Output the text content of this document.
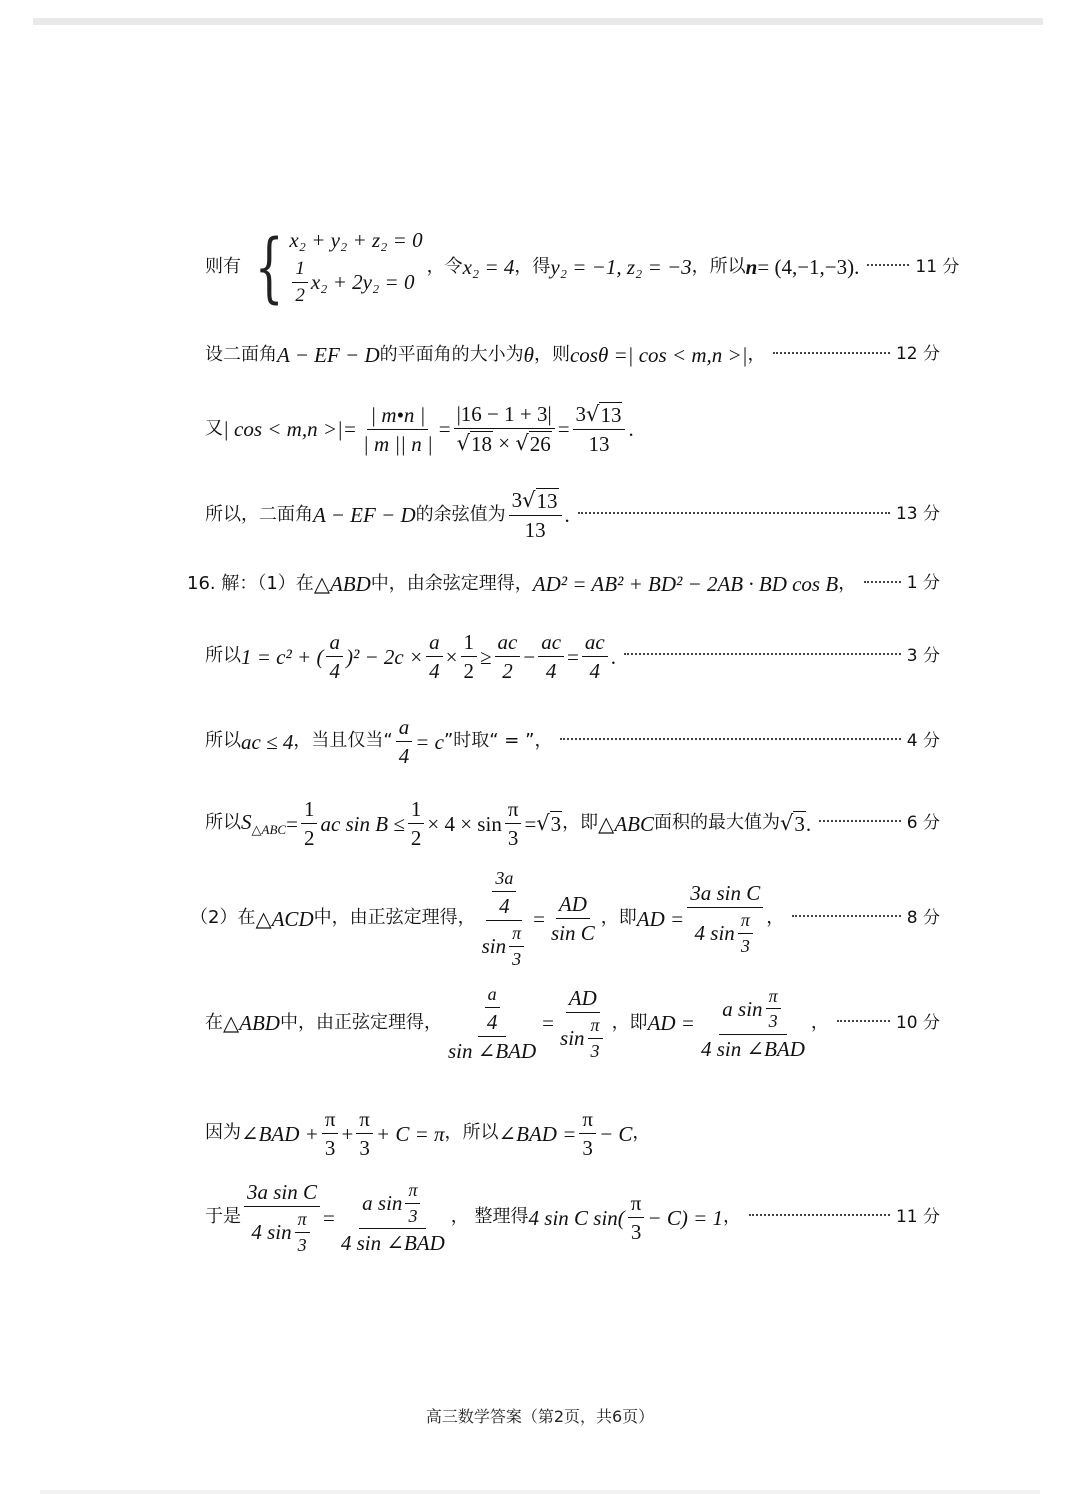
则有 { x₂ + y₂ + z₂ = 0
$\frac{1}{2} x_2 + 2y_2 = 0$
，令 x₂ = 4 ，得 y₂ = −1, z₂ = −3 ，所以 n = (4,−1,−3).	11 分
设二面角 A − EF − D 的平面角的大小为 θ ，则 cosθ =| cos < m,n >| ，	12 分
又 | cos < m,n >|= $\frac{| m•n |}{| m || n |} = \frac{|16 - 1 + 3|}{√ 18 \times √ 26} = \frac{3 √ 13}{13}$ .
所以，二面角 A − EF − D 的余弦值为 $\frac{3 √ 13}{13}$ .	13 分
16. 解：（1）在 △ABD 中，由余弦定理得， AD² = AB² + BD² − 2AB · BD cos B ，	1 分
所以 1 = c² + ( $\frac{a}{4} )^2 - 2c \times \frac{a}{4} \times \frac{1}{2} \ge \frac{ac}{2} - \frac{ac}{4} = \frac{ac}{4}$ .	3 分
所以 ac ≤ 4 ，当且仅当“ $\frac{a}{4} = c$ ”时取“ = ”，	4 分
所以 $S_{\triangle ABC} = \frac{1}{2}$ ac $\sin B \le \frac{1}{2} \times 4 \times \sin \frac{\pi}{3}$ = √ 3 ，即 △ABC 面积的最大值为 √ 3 .	6 分
（2）在 △ACD 中，由正弦定理得， $\frac{\frac{3a}{4}}{\sin \frac{\pi}{3}} = \frac{AD}{\text{sin C}}$ ，即 AD = $\frac{\text{3a sin C}}{4 \sin \frac{\pi}{3}}$ ，	8 分
在 △ABD 中，由正弦定理得， $\frac{\frac{a}{4}}{\text{sin ∠BAD}} = \frac{AD}{\sin \frac{\pi}{3}}$ ，即 AD = $\frac{a \sin \frac{\pi}{3}}{\text{4 sin ∠BAD}}$ ，	10 分
因为 ∠BAD + $\frac{\pi}{3} + \frac{\pi}{3} + C = \pi$ ，所以 ∠BAD = $\frac{\pi}{3} - C$ ，
于是 $\frac{\text{3a sin C}}{4 \sin \frac{\pi}{3}} = \frac{a \sin \frac{\pi}{3}}{\text{4 sin ∠BAD}}$ ， 整理得 4 sin C $\sin( \frac{\pi}{3} - C) = 1$ ，	11 分
高三数学答案（第2页，共6页）
